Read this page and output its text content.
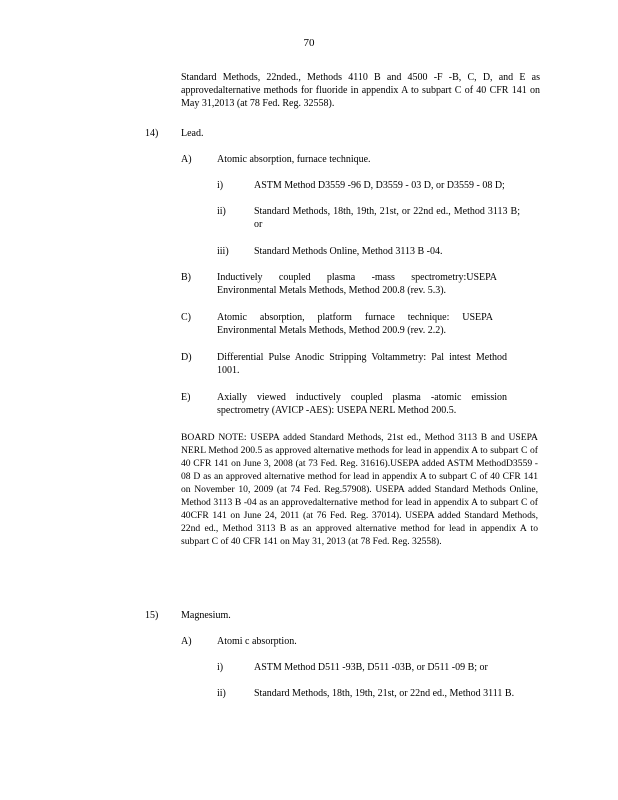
70
Standard Methods, 22nded., Methods 4110 B and 4500 -F -B, C, D, and E as approvedalternative methods for fluoride in appendix A to subpart C of 40 CFR 141 on May 31,2013 (at 78 Fed. Reg. 32558).
14) Lead.
A)	Atomic absorption, furnace technique.
i)	ASTM Method D3559 -96 D, D3559 - 03 D, or D3559 - 08 D;
ii)	Standard Methods, 18th, 19th, 21st, or 22nd ed., Method 3113 B; or
iii)	Standard Methods Online, Method 3113 B -04.
B)	Inductively coupled plasma -mass spectrometry:USEPA Environmental Metals Methods, Method 200.8 (rev. 5.3).
C)	Atomic absorption, platform furnace technique: USEPA Environmental Metals Methods, Method 200.9 (rev. 2.2).
D)	Differential Pulse Anodic Stripping Voltammetry: Pal intest Method 1001.
E)	Axially viewed inductively coupled plasma -atomic emission spectrometry (AVICP -AES): USEPA NERL Method 200.5.
BOARD NOTE: USEPA added Standard Methods, 21st ed., Method 3113 B and USEPA NERL Method 200.5 as approved alternative methods for lead in appendix A to subpart C of 40 CFR 141 on June 3, 2008 (at 73 Fed. Reg. 31616).USEPA added ASTM MethodD3559 - 08 D as an approved alternative method for lead in appendix A to subpart C of 40 CFR 141 on November 10, 2009 (at 74 Fed. Reg.57908). USEPA added Standard Methods Online, Method 3113 B -04 as an approvedalternative method for lead in appendix A to subpart C of 40CFR 141 on June 24, 2011 (at 76 Fed. Reg. 37014). USEPA added Standard Methods, 22nd ed., Method 3113 B as an approved alternative method for lead in appendix A to subpart C of 40 CFR 141 on May 31, 2013 (at 78 Fed. Reg. 32558).
15) Magnesium.
A)	Atomi c absorption.
i)	ASTM Method D511 -93B, D511 -03B, or D511 -09 B; or
ii)	Standard Methods, 18th, 19th, 21st, or 22nd ed., Method 3111 B.
